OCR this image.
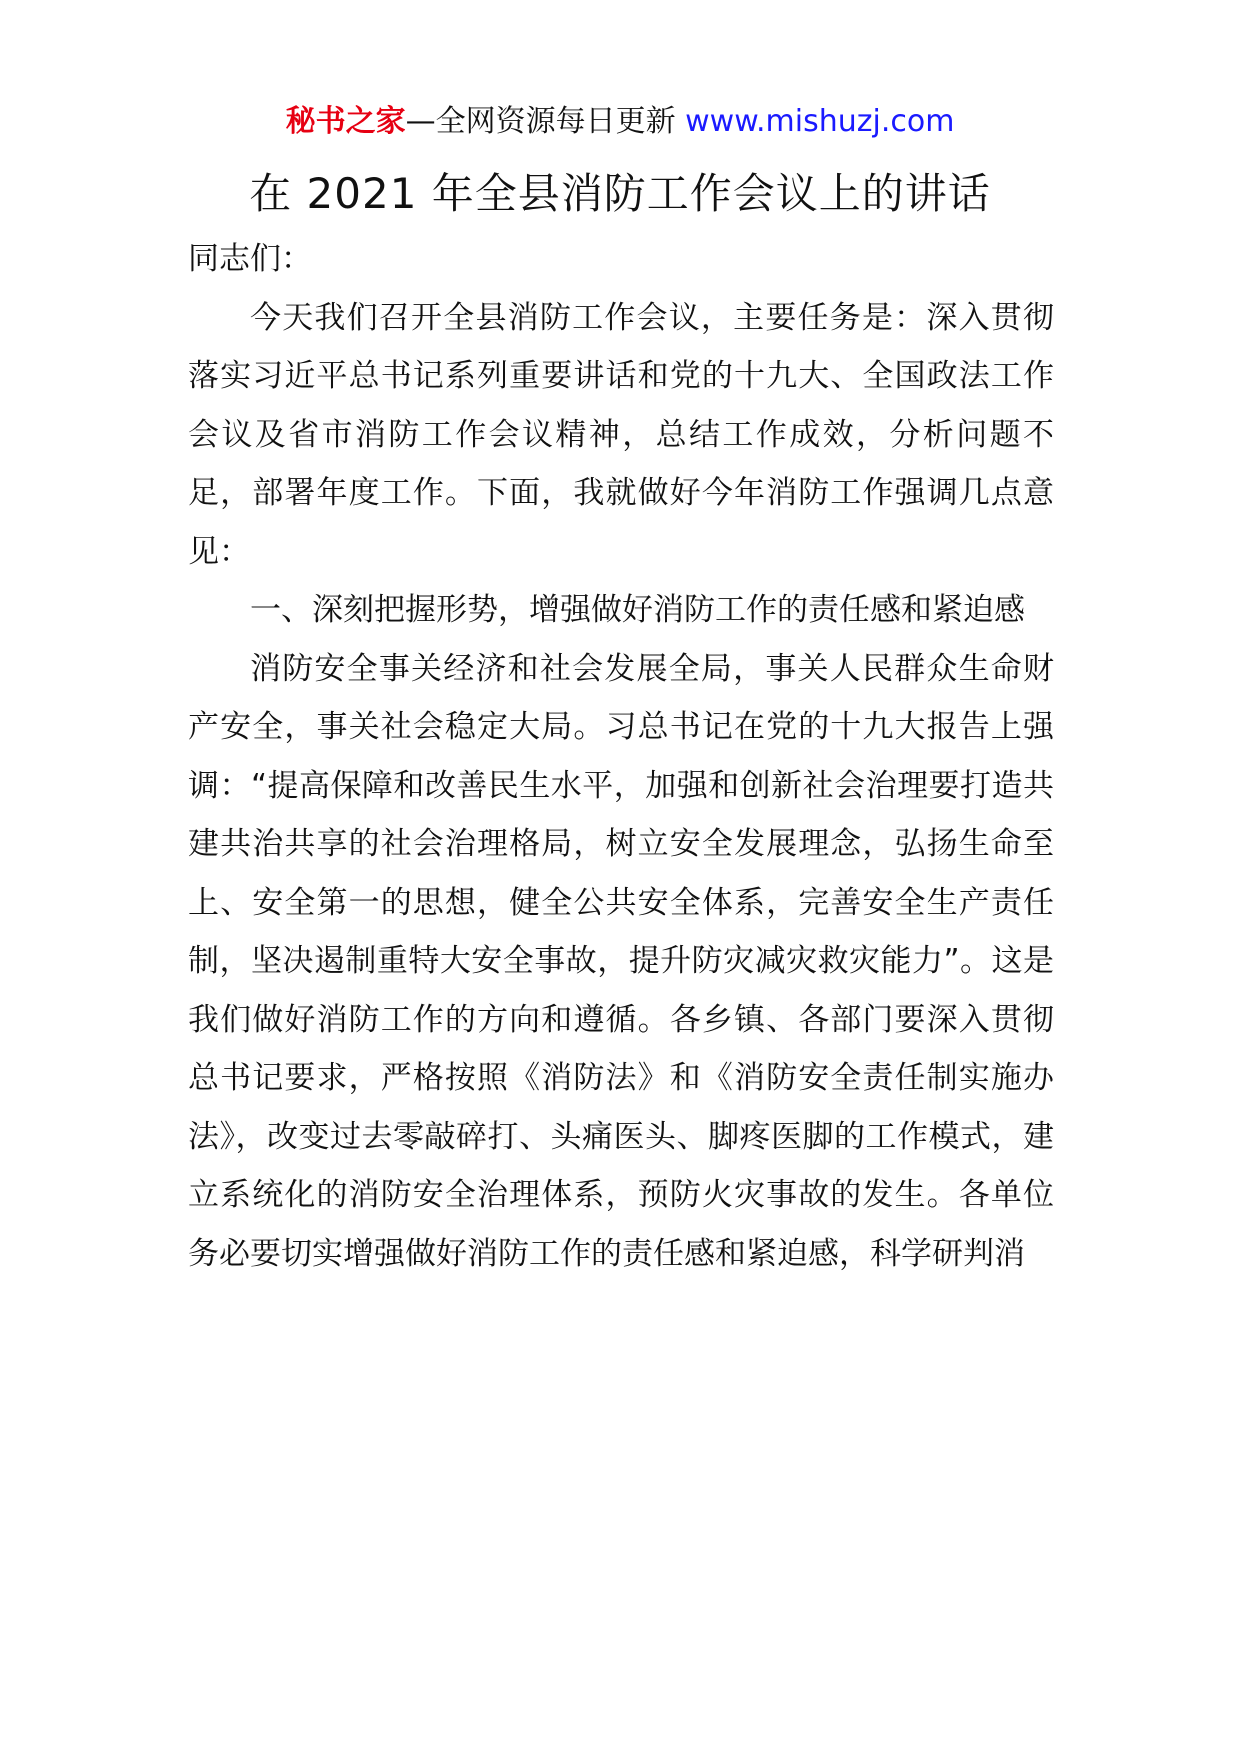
秘书之家—全网资源每日更新 www.mishuzj.com
在 2021 年全县消防工作会议上的讲话

同志们：

今天我们召开全县消防工作会议，主要任务是：深入贯彻落实习近平总书记系列重要讲话和党的十九大、全国政法工作会议及省市消防工作会议精神，总结工作成效，分析问题不足，部署年度工作。下面，我就做好今年消防工作强调几点意见：

一、深刻把握形势，增强做好消防工作的责任感和紧迫感

消防安全事关经济和社会发展全局，事关人民群众生命财产安全，事关社会稳定大局。习总书记在党的十九大报告上强调：“提高保障和改善民生水平，加强和创新社会治理要打造共建共治共享的社会治理格局，树立安全发展理念，弘扬生命至上、安全第一的思想，健全公共安全体系，完善安全生产责任制，坚决遏制重特大安全事故，提升防灾减灾救灾能力”。这是我们做好消防工作的方向和遵循。各乡镇、各部门要深入贯彻总书记要求，严格按照《消防法》和《消防安全责任制实施办法》，改变过去零敲碎打、头痛医头、脚疼医脚的工作模式，建立系统化的消防安全治理体系，预防火灾事故的发生。各单位务必要切实增强做好消防工作的责任感和紧迫感，科学研判消
